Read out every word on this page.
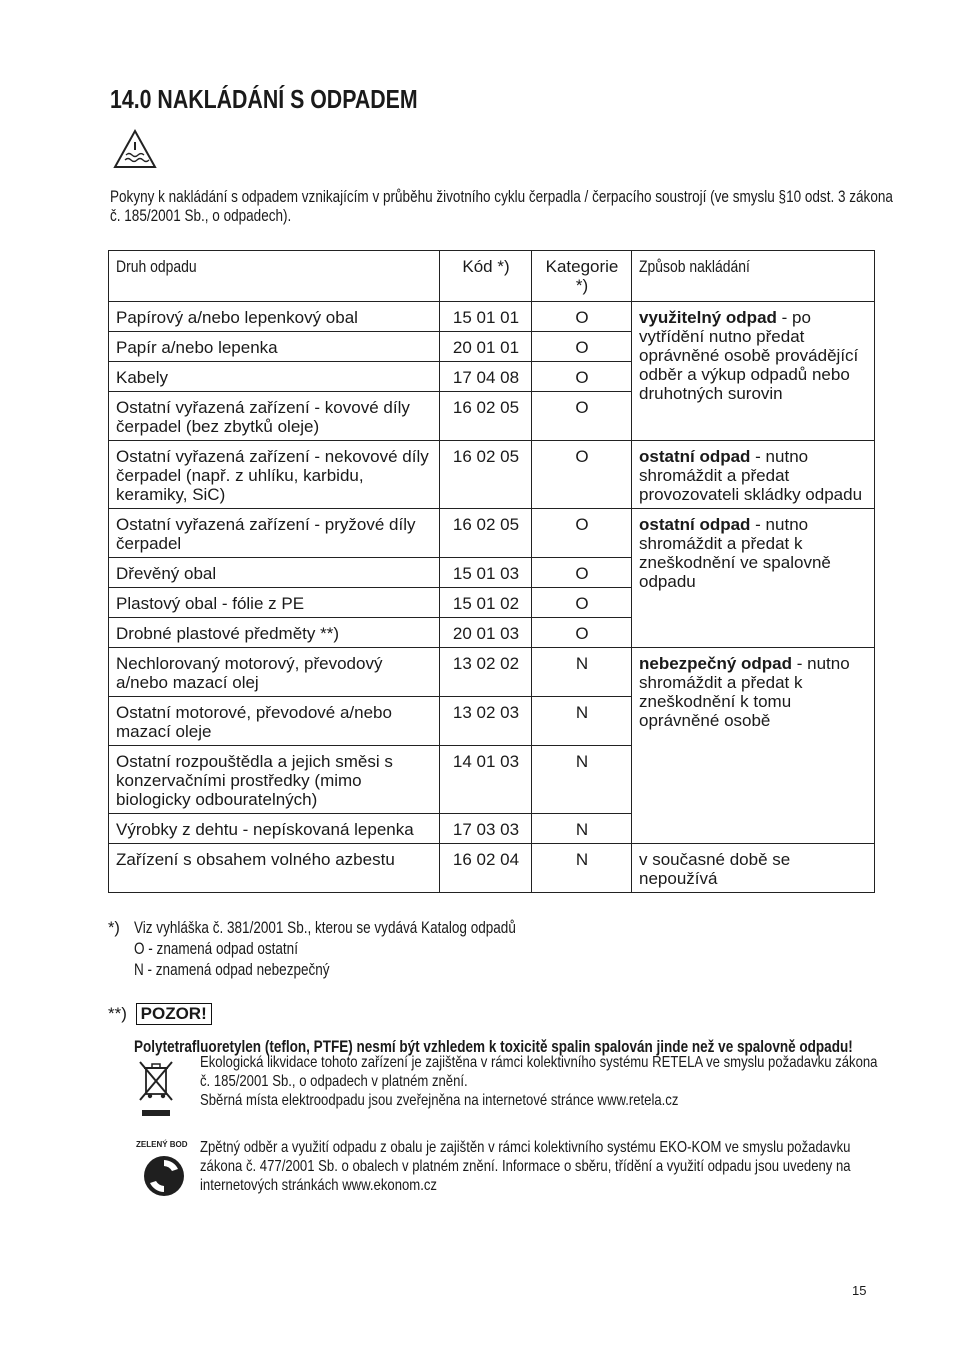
14.0 NAKLÁDÁNÍ S ODPADEM
Pokyny k nakládání s odpadem vznikajícím v průběhu životního cyklu čerpadla / čerpacího soustrojí (ve smyslu §10 odst. 3 zákona
č. 185/2001 Sb., o odpadech).
Druh odpadu	Kód *)	Kategorie *)	Způsob nakládání
Papírový a/nebo lepenkový obal	15 01 01	O	využitelný odpad - po vytřídění nutno předat oprávněné osobě provádějící odběr a výkup odpadů nebo druhotných surovin
Papír a/nebo lepenka	20 01 01	O	
Kabely	17 04 08	O	
Ostatní vyřazená zařízení - kovové díly čerpadel (bez zbytků oleje)	16 02 05	O	
Ostatní vyřazená zařízení - nekovové díly čerpadel (např. z uhlíku, karbidu, keramiky, SiC)	16 02 05	O	ostatní odpad - nutno shromáždit a předat provozovateli skládky odpadu
Ostatní vyřazená zařízení - pryžové díly čerpadel	16 02 05	O	ostatní odpad - nutno shromáždit a předat k zneškodnění ve spalovně odpadu
Dřevěný obal	15 01 03	O	
Plastový obal - fólie z PE	15 01 02	O	
Drobné plastové předměty **)	20 01 03	O	
Nechlorovaný motorový, převodový a/nebo mazací olej	13 02 02	N	nebezpečný odpad - nutno shromáždit a předat k zneškodnění k tomu oprávněné osobě
Ostatní motorové, převodové a/nebo mazací oleje	13 02 03	N	
Ostatní rozpouštědla a jejich směsi s konzervačními prostředky (mimo biologicky odbouratelných)	14 01 03	N	
Výrobky z dehtu - nepískovaná lepenka	17 03 03	N	
Zařízení s obsahem volného azbestu	16 02 04	N	v současné době se nepoužívá
*) Viz vyhláška č. 381/2001 Sb., kterou se vydává Katalog odpadů
O - znamená odpad ostatní
N - znamená odpad nebezpečný
**) POZOR!
Polytetrafluoretylen (teflon, PTFE) nesmí být vzhledem k toxicitě spalin spalován jinde než ve spalovně odpadu!
Ekologická likvidace tohoto zařízení je zajištěna v rámci kolektivního systému RETELA ve smyslu požadavku zákona
č. 185/2001 Sb., o odpadech v platném znění.
Sběrná místa elektroodpadu jsou zveřejněna na internetové stránce www.retela.cz
ZELENÝ BOD Zpětný odběr a využití odpadu z obalu je zajištěn v rámci kolektivního systému EKO-KOM ve smyslu požadavku
zákona č. 477/2001 Sb. o obalech v platném znění. Informace o sběru, třídění a využití odpadu jsou uvedeny na
internetových stránkách www.ekonom.cz
15
